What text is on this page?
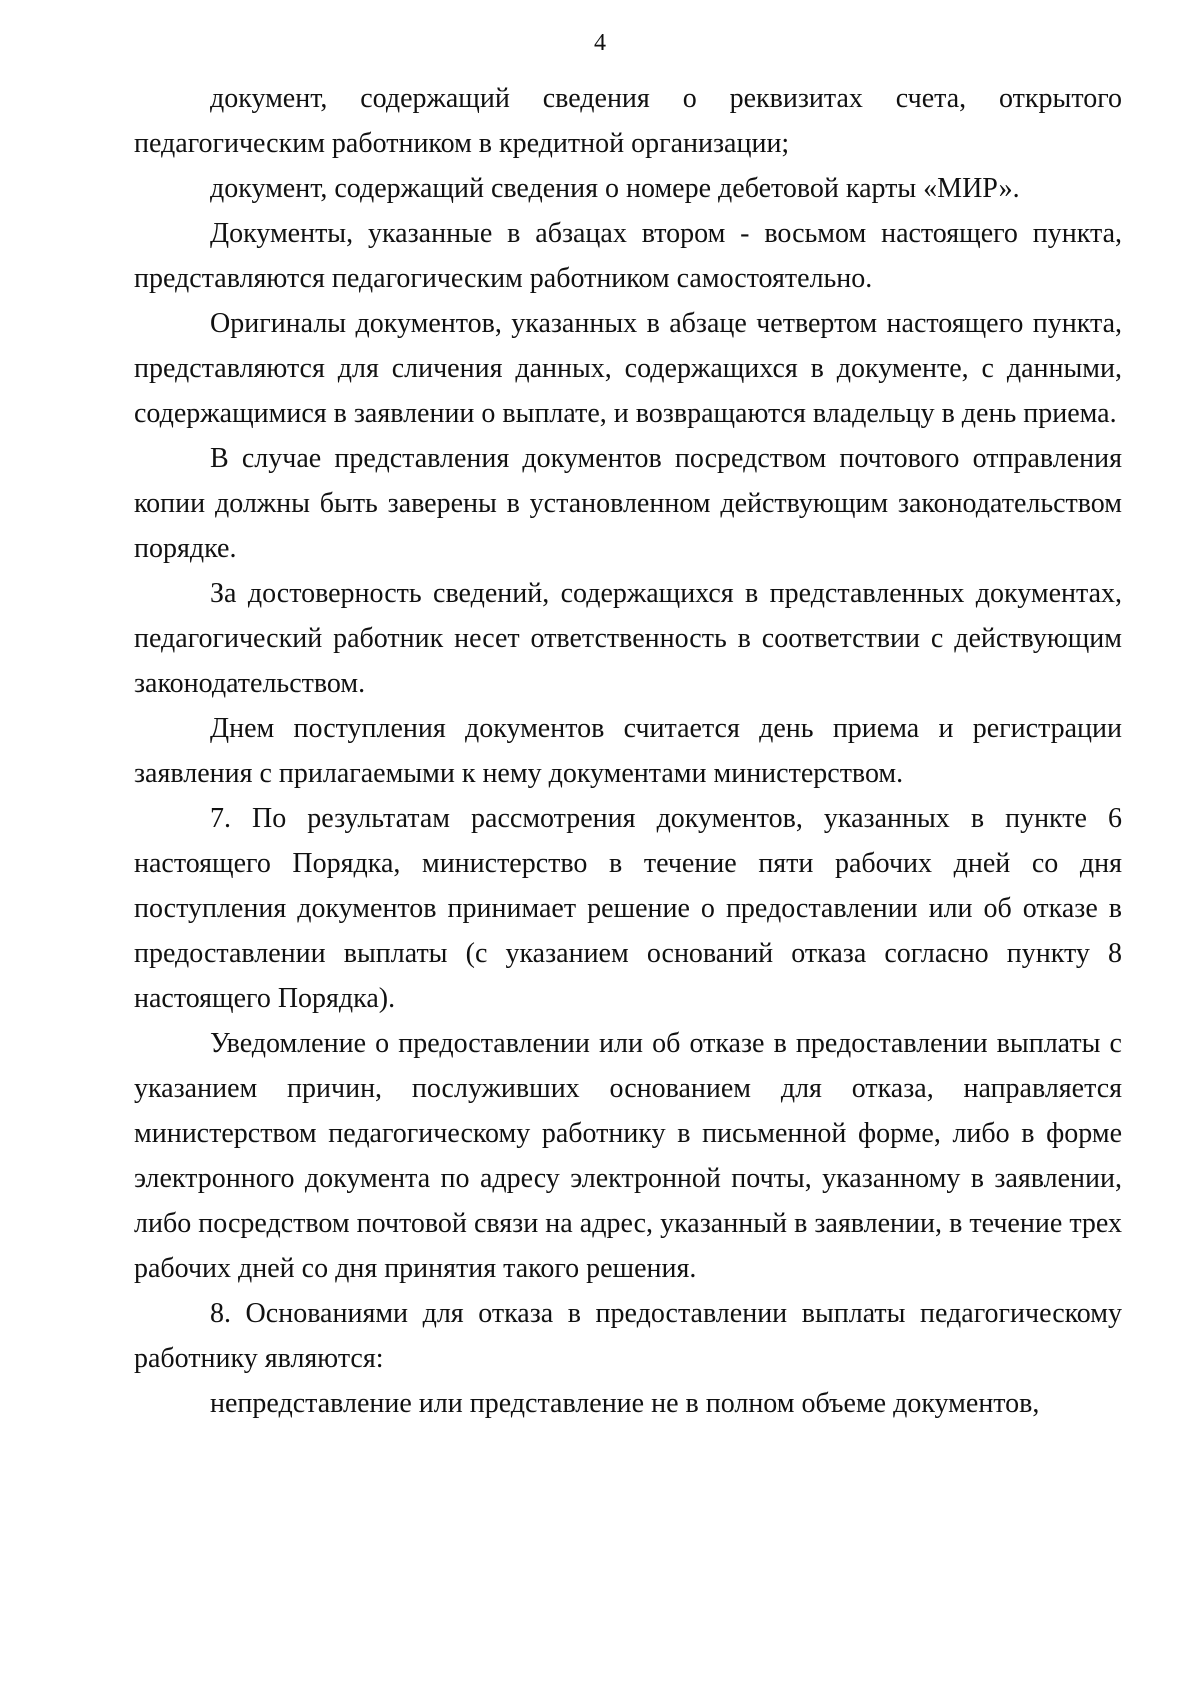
4

документ, содержащий сведения о реквизитах счета, открытого педагогическим работником в кредитной организации;

документ, содержащий сведения о номере дебетовой карты «МИР».

Документы, указанные в абзацах втором - восьмом настоящего пункта, представляются педагогическим работником самостоятельно.

Оригиналы документов, указанных в абзаце четвертом настоящего пункта, представляются для сличения данных, содержащихся в документе, с данными, содержащимися в заявлении о выплате, и возвращаются владельцу в день приема.

В случае представления документов посредством почтового отправления копии должны быть заверены в установленном действующим законодательством порядке.

За достоверность сведений, содержащихся в представленных документах, педагогический работник несет ответственность в соответствии с действующим законодательством.

Днем поступления документов считается день приема и регистрации заявления с прилагаемыми к нему документами министерством.

7. По результатам рассмотрения документов, указанных в пункте 6 настоящего Порядка, министерство в течение пяти рабочих дней со дня поступления документов принимает решение о предоставлении или об отказе в предоставлении выплаты (с указанием оснований отказа согласно пункту 8 настоящего Порядка).

Уведомление о предоставлении или об отказе в предоставлении выплаты с указанием причин, послуживших основанием для отказа, направляется министерством педагогическому работнику в письменной форме, либо в форме электронного документа по адресу электронной почты, указанному в заявлении, либо посредством почтовой связи на адрес, указанный в заявлении, в течение трех рабочих дней со дня принятия такого решения.

8. Основаниями для отказа в предоставлении выплаты педагогическому работнику являются:

непредставление или представление не в полном объеме документов,
